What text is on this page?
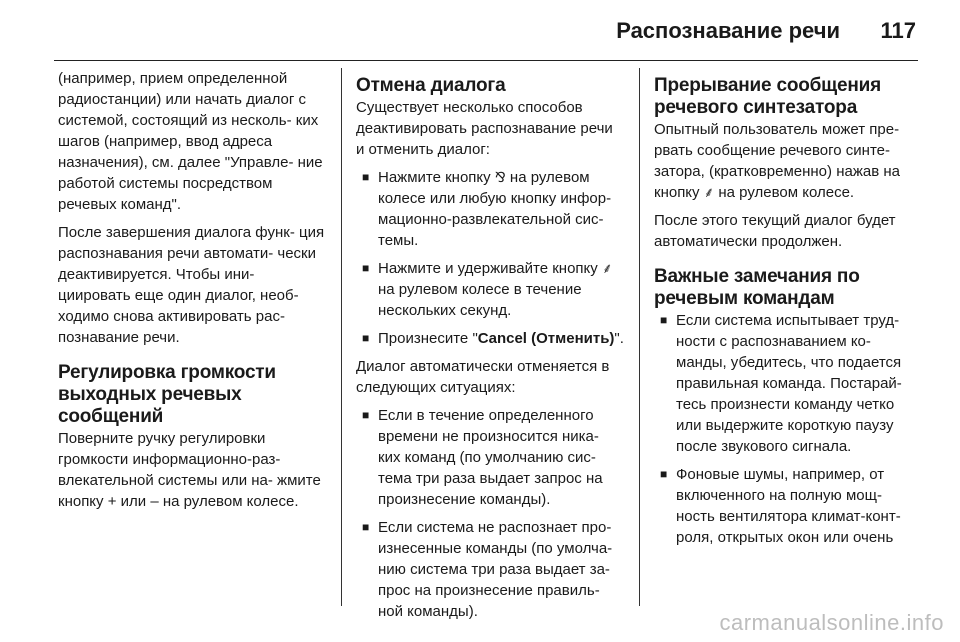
Распознавание речи 117

(например, прием определенной радиостанции) или начать диалог с системой, состоящий из несколь- ких шагов (например, ввод адреса назначения), см. далее "Управле- ние работой системы посредством речевых команд".

После завершения диалога функ- ция распознавания речи автомати- чески деактивируется. Чтобы ини- циировать еще один диалог, необ- ходимо снова активировать рас- познавание речи.

Регулировка громкости выходных речевых сообщений

Поверните ручку регулировки громкости информационно-раз- влекательной системы или на- жмите кнопку + или – на рулевом колесе.

Отмена диалога

Существует несколько способов деактивировать распознавание речи и отменить диалог:

■ Нажмите кнопку ⅋ на рулевом колесе или любую кнопку инфор- мационно-развлекательной сис- темы.
■ Нажмите и удерживайте кнопку ⸙ на рулевом колесе в течение нескольких секунд.
■ Произнесите "Cancel (Отменить)".

Диалог автоматически отменяется в следующих ситуациях:

■ Если в течение определенного времени не произносится ника- ких команд (по умолчанию сис- тема три раза выдает запрос на произнесение команды).
■ Если система не распознает про- изнесенные команды (по умолча- нию система три раза выдает за- прос на произнесение правиль- ной команды).
Прерывание сообщения речевого синтезатора

Опытный пользователь может пре- рвать сообщение речевого синте- затора, (кратковременно) нажав на кнопку ⸙ на рулевом колесе.

После этого текущий диалог будет автоматически продолжен.

Важные замечания по речевым командам
■ Если система испытывает труд- ности с распознаванием ко- манды, убедитесь, что подается правильная команда. Постарай- тесь произнести команду четко или выдержите короткую паузу после звукового сигнала.
■ Фоновые шумы, например, от включенного на полную мощ- ность вентилятора климат-конт- роля, открытых окон или очень
carmanualsonline.info
